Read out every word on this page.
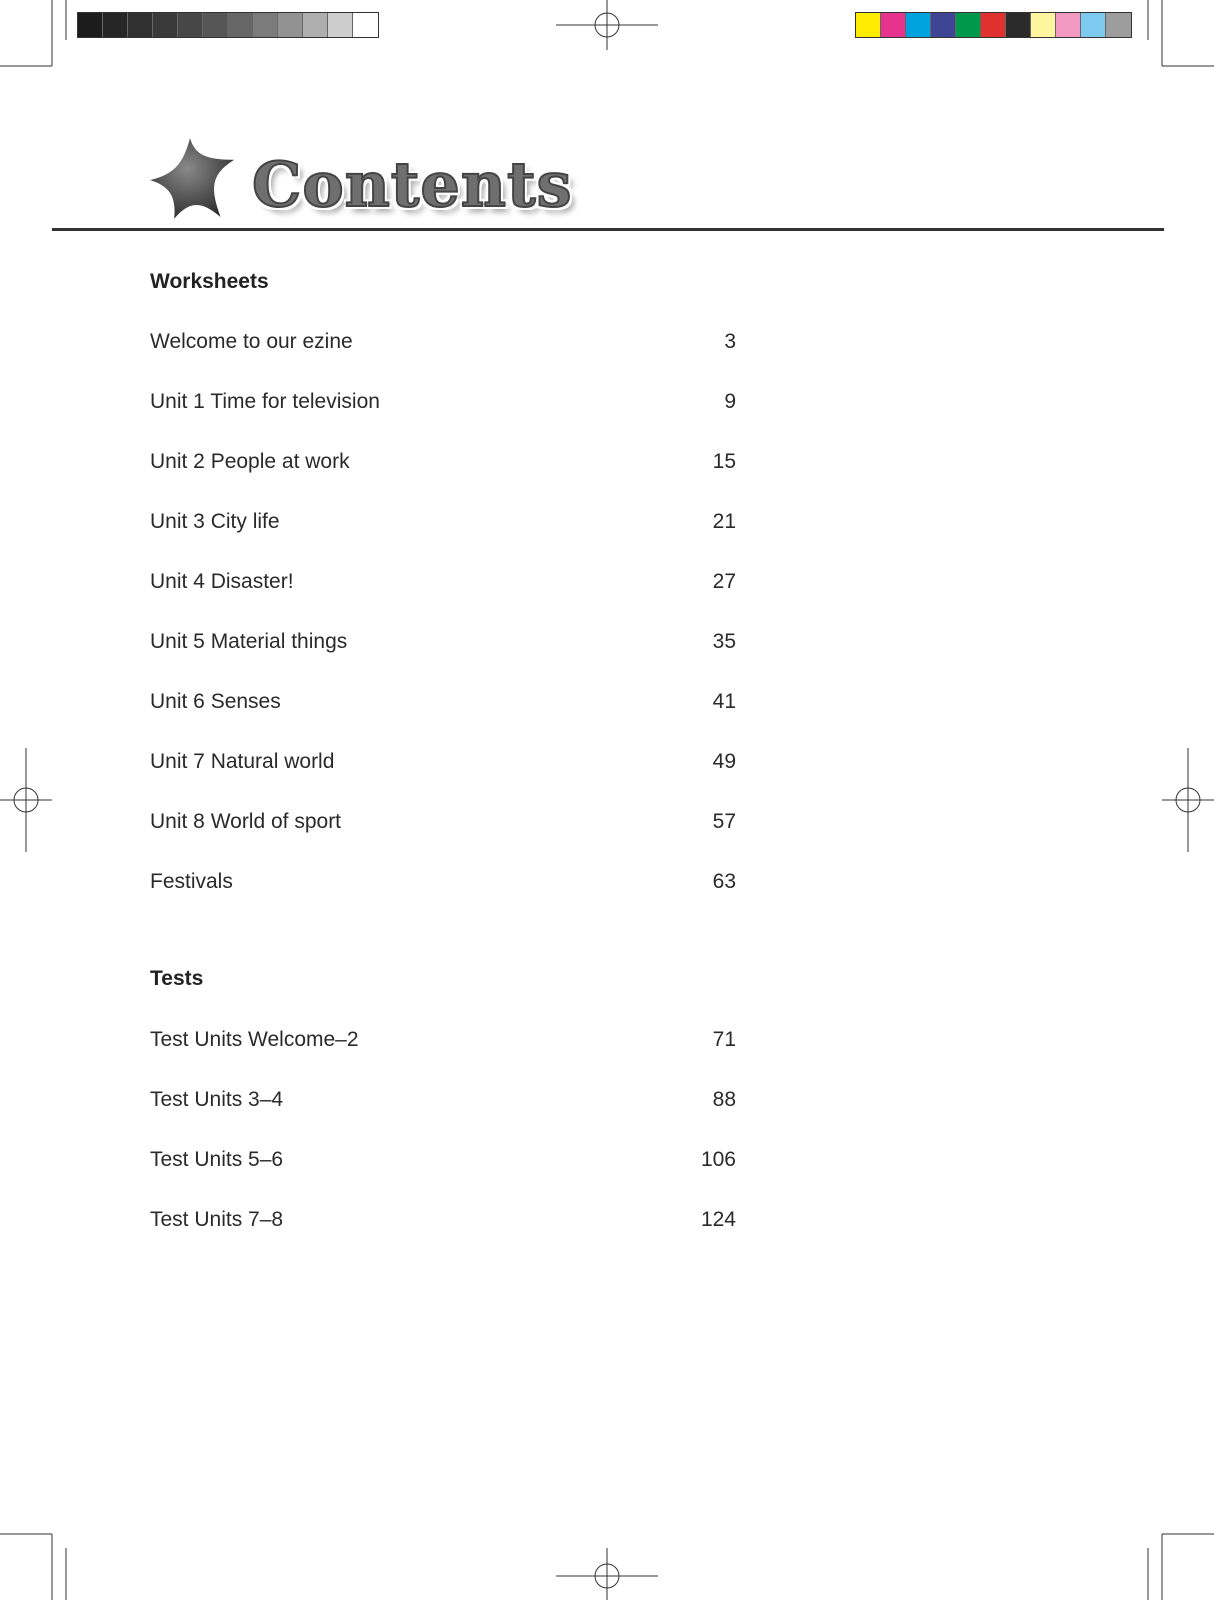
Contents
Worksheets
Welcome to our ezine	3
Unit 1 Time for television	9
Unit 2 People at work	15
Unit 3 City life	21
Unit 4 Disaster!	27
Unit 5 Material things	35
Unit 6 Senses	41
Unit 7 Natural world	49
Unit 8 World of sport	57
Festivals	63
Tests
Test Units Welcome–2	71
Test Units 3–4	88
Test Units 5–6	106
Test Units 7–8	124
